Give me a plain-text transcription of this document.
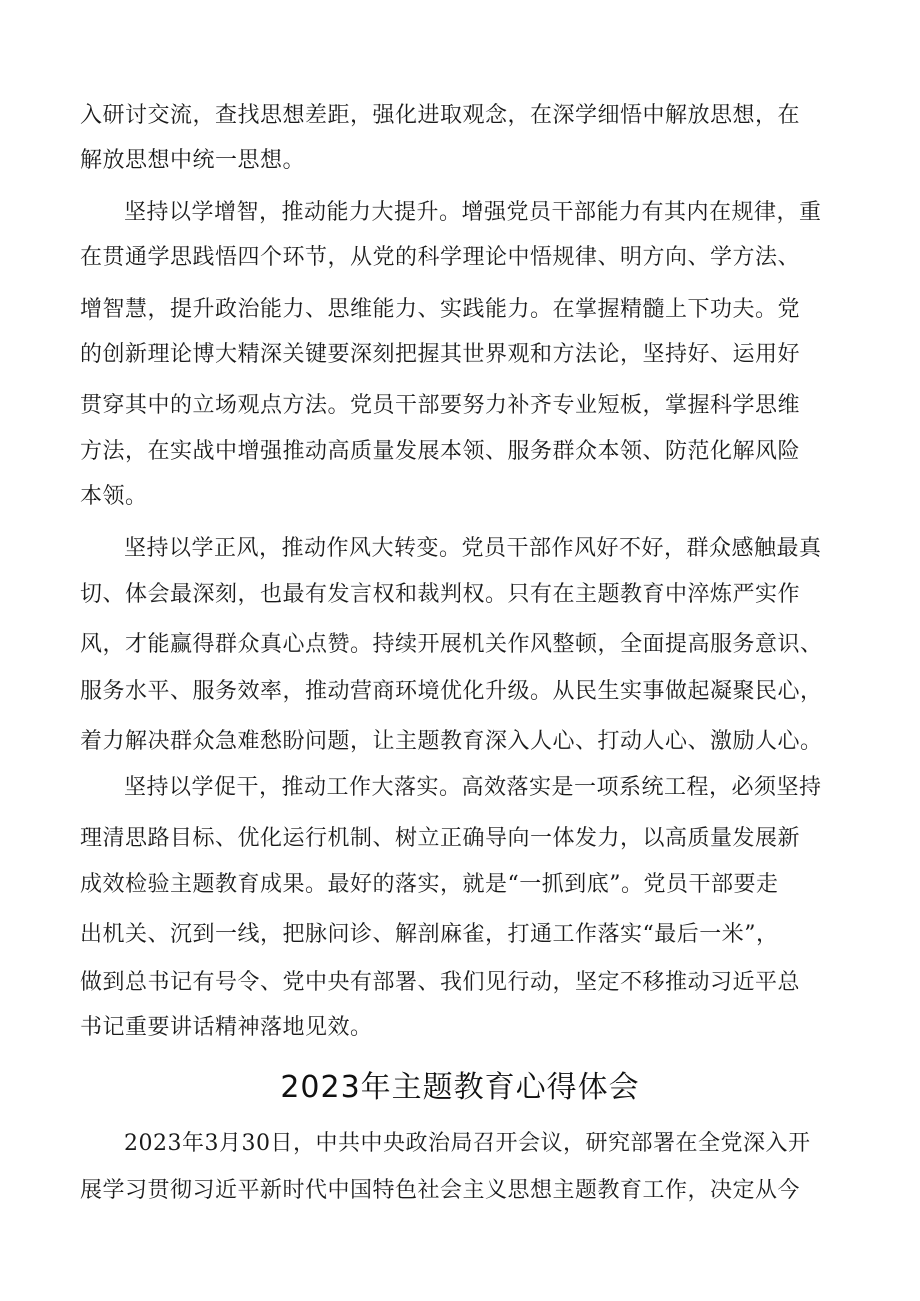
入研讨交流，查找思想差距，强化进取观念，在深学细悟中解放思想，在
解放思想中统一思想。
坚持以学增智，推动能力大提升。增强党员干部能力有其内在规律，重
在贯通学思践悟四个环节，从党的科学理论中悟规律、明方向、学方法、
增智慧，提升政治能力、思维能力、实践能力。在掌握精髓上下功夫。党
的创新理论博大精深关键要深刻把握其世界观和方法论，坚持好、运用好
贯穿其中的立场观点方法。党员干部要努力补齐专业短板，掌握科学思维
方法，在实战中增强推动高质量发展本领、服务群众本领、防范化解风险
本领。
坚持以学正风，推动作风大转变。党员干部作风好不好，群众感触最真
切、体会最深刻，也最有发言权和裁判权。只有在主题教育中淬炼严实作
风，才能赢得群众真心点赞。持续开展机关作风整顿，全面提高服务意识、
服务水平、服务效率，推动营商环境优化升级。从民生实事做起凝聚民心，
着力解决群众急难愁盼问题，让主题教育深入人心、打动人心、激励人心。
坚持以学促干，推动工作大落实。高效落实是一项系统工程，必须坚持
理清思路目标、优化运行机制、树立正确导向一体发力，以高质量发展新
成效检验主题教育成果。最好的落实，就是“一抓到底”。党员干部要走
出机关、沉到一线，把脉问诊、解剖麻雀，打通工作落实“最后一米”，
做到总书记有号令、党中央有部署、我们见行动，坚定不移推动习近平总
书记重要讲话精神落地见效。
2023年主题教育心得体会
2023年3月30日，中共中央政治局召开会议，研究部署在全党深入开
展学习贯彻习近平新时代中国特色社会主义思想主题教育工作，决定从今
